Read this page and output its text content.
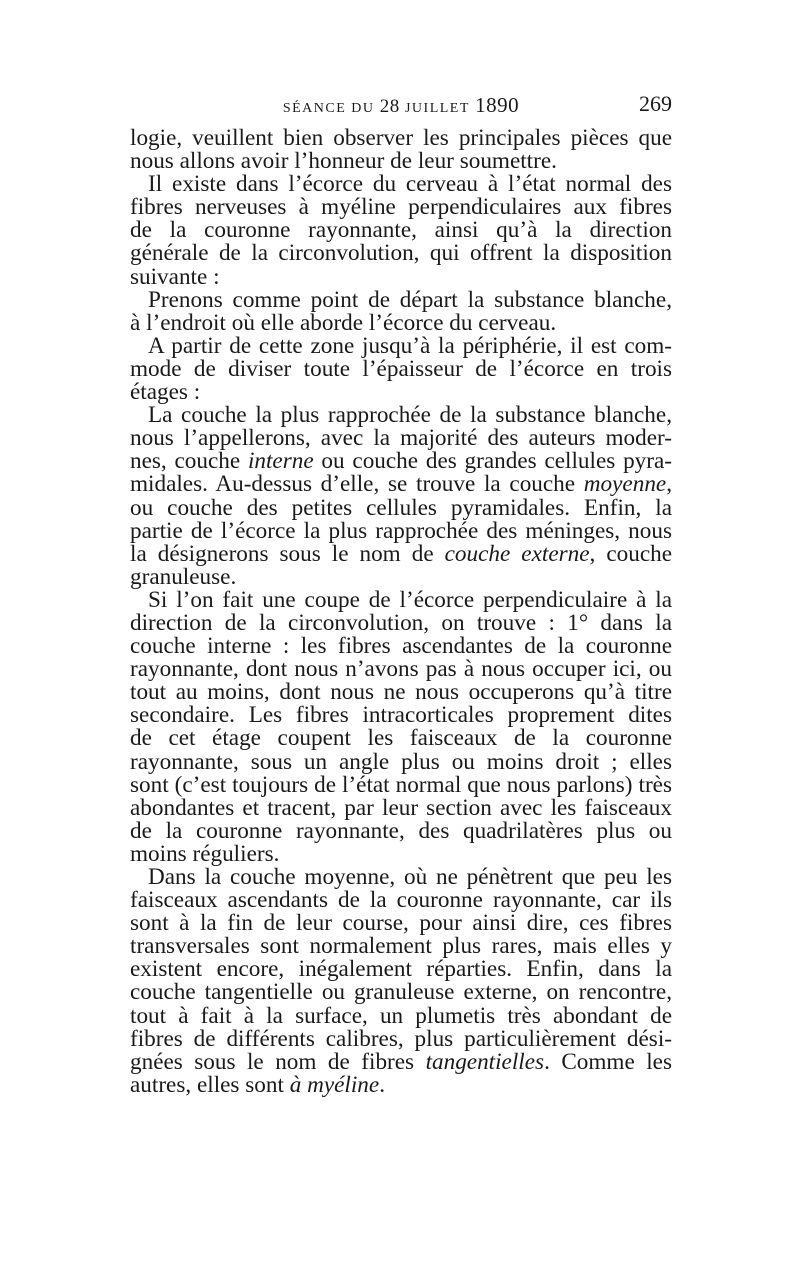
SÉANCE DU 28 JUILLET 1890	269
logie, veuillent bien observer les principales pièces que
nous allons avoir l’honneur de leur soumettre.
Il existe dans l’écorce du cerveau à l’état normal des
fibres nerveuses à myéline perpendiculaires aux fibres
de la couronne rayonnante, ainsi qu’à la direction
générale de la circonvolution, qui offrent la disposition
suivante :
Prenons comme point de départ la substance blanche,
à l’endroit où elle aborde l’écorce du cerveau.
A partir de cette zone jusqu’à la périphérie, il est com-
mode de diviser toute l’épaisseur de l’écorce en trois
étages :
La couche la plus rapprochée de la substance blanche,
nous l’appellerons, avec la majorité des auteurs moder-
nes, couche interne ou couche des grandes cellules pyra-
midales. Au-dessus d’elle, se trouve la couche moyenne,
ou couche des petites cellules pyramidales. Enfin, la
partie de l’écorce la plus rapprochée des méninges, nous
la désignerons sous le nom de couche externe, couche
granuleuse.
Si l’on fait une coupe de l’écorce perpendiculaire à la
direction de la circonvolution, on trouve : 1° dans la
couche interne : les fibres ascendantes de la couronne
rayonnante, dont nous n’avons pas à nous occuper ici, ou
tout au moins, dont nous ne nous occuperons qu’à titre
secondaire. Les fibres intracorticales proprement dites
de cet étage coupent les faisceaux de la couronne
rayonnante, sous un angle plus ou moins droit ; elles
sont (c’est toujours de l’état normal que nous parlons) très
abondantes et tracent, par leur section avec les faisceaux
de la couronne rayonnante, des quadrilatères plus ou
moins réguliers.
Dans la couche moyenne, où ne pénètrent que peu les
faisceaux ascendants de la couronne rayonnante, car ils
sont à la fin de leur course, pour ainsi dire, ces fibres
transversales sont normalement plus rares, mais elles y
existent encore, inégalement réparties. Enfin, dans la
couche tangentielle ou granuleuse externe, on rencontre,
tout à fait à la surface, un plumetis très abondant de
fibres de différents calibres, plus particulièrement dési-
gnées sous le nom de fibres tangentielles. Comme les
autres, elles sont à myéline.
